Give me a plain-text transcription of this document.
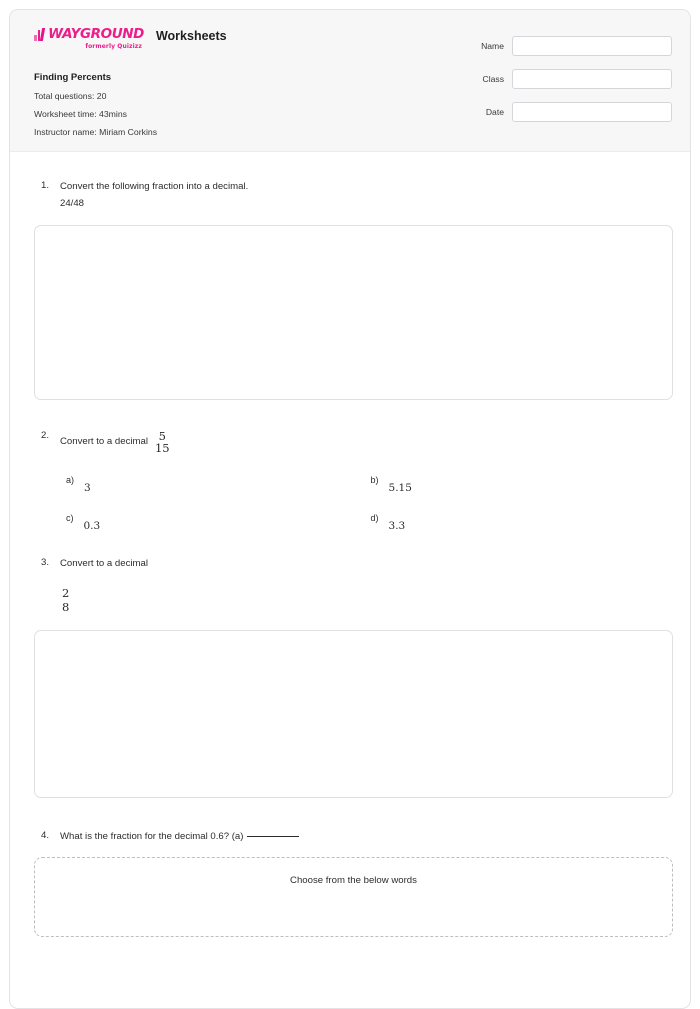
WAYGROUND
formerly Quizizz
Worksheets
Finding Percents
Total questions: 20
Worksheet time: 43mins
Instructor name: Miriam Corkins
Name
Class
Date
1. Convert the following fraction into a decimal.
24/48
2.
Convert to a decimal 5
15
a)
3
b)
5.15
c)
0.3
d)
3.3
3. Convert to a decimal
2
8
4. What is the fraction for the decimal 0.6? (a)
Choose from the below words
